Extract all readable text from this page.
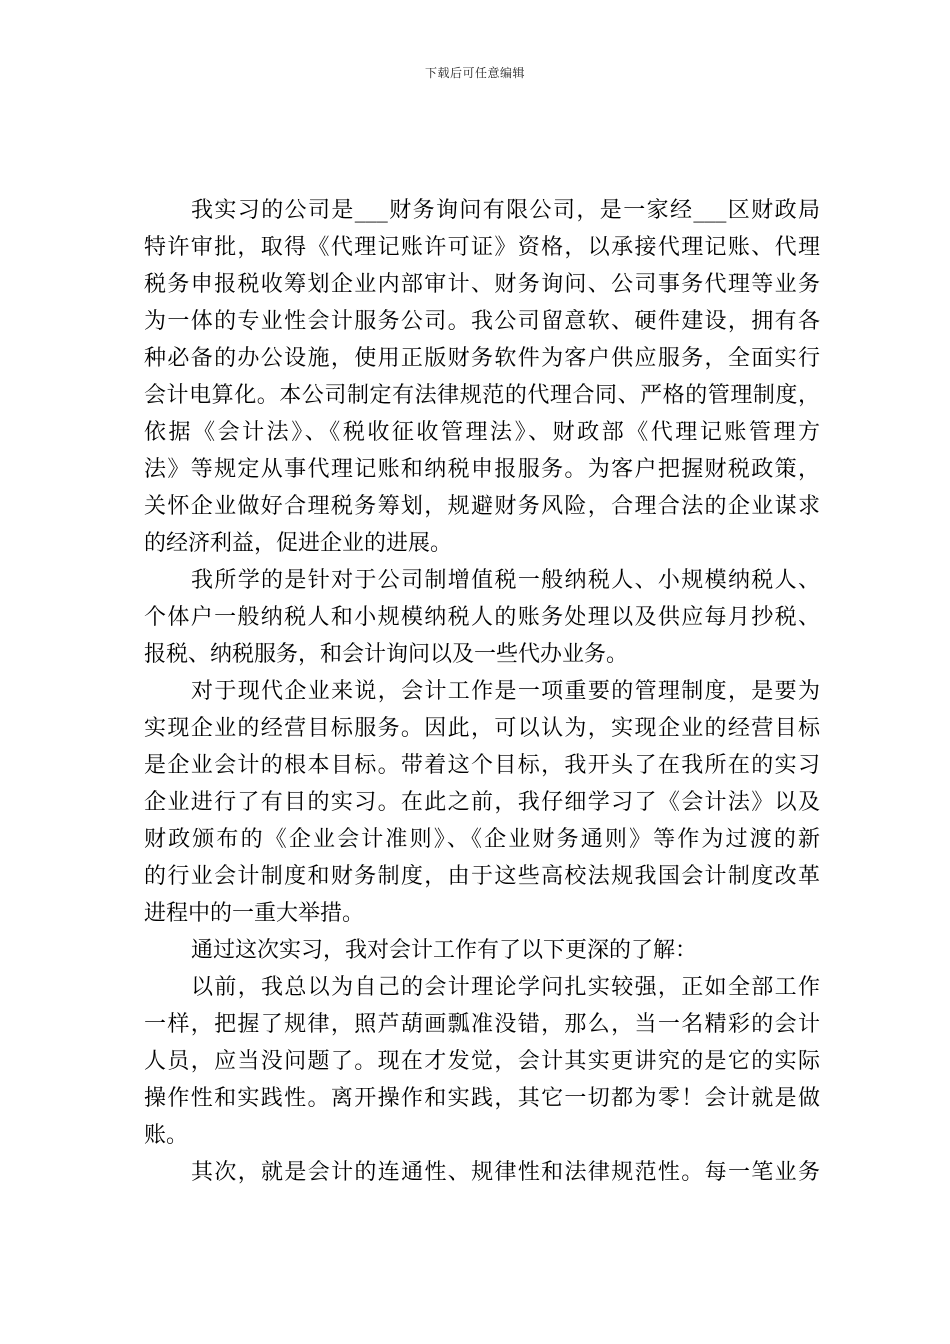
下载后可任意编辑
我实习的公司是___财务询问有限公司，是一家经___区财政局
特许审批，取得《代理记账许可证》资格，以承接代理记账、代理
税务申报税收筹划企业内部审计、财务询问、公司事务代理等业务
为一体的专业性会计服务公司。我公司留意软、硬件建设，拥有各
种必备的办公设施，使用正版财务软件为客户供应服务，全面实行
会计电算化。本公司制定有法律规范的代理合同、严格的管理制度，
依据《会计法》、《税收征收管理法》、财政部《代理记账管理方
法》等规定从事代理记账和纳税申报服务。为客户把握财税政策，
关怀企业做好合理税务筹划，规避财务风险，合理合法的企业谋求
的经济利益，促进企业的进展。
我所学的是针对于公司制增值税一般纳税人、小规模纳税人、
个体户一般纳税人和小规模纳税人的账务处理以及供应每月抄税、
报税、纳税服务，和会计询问以及一些代办业务。
对于现代企业来说，会计工作是一项重要的管理制度，是要为
实现企业的经营目标服务。因此，可以认为，实现企业的经营目标
是企业会计的根本目标。带着这个目标，我开头了在我所在的实习
企业进行了有目的实习。在此之前，我仔细学习了《会计法》以及
财政颁布的《企业会计准则》、《企业财务通则》等作为过渡的新
的行业会计制度和财务制度，由于这些高校法规我国会计制度改革
进程中的一重大举措。
通过这次实习，我对会计工作有了以下更深的了解：
以前，我总以为自己的会计理论学问扎实较强，正如全部工作
一样，把握了规律，照芦葫画瓢准没错，那么，当一名精彩的会计
人员，应当没问题了。现在才发觉，会计其实更讲究的是它的实际
操作性和实践性。离开操作和实践，其它一切都为零！会计就是做
账。
其次，就是会计的连通性、规律性和法律规范性。每一笔业务
